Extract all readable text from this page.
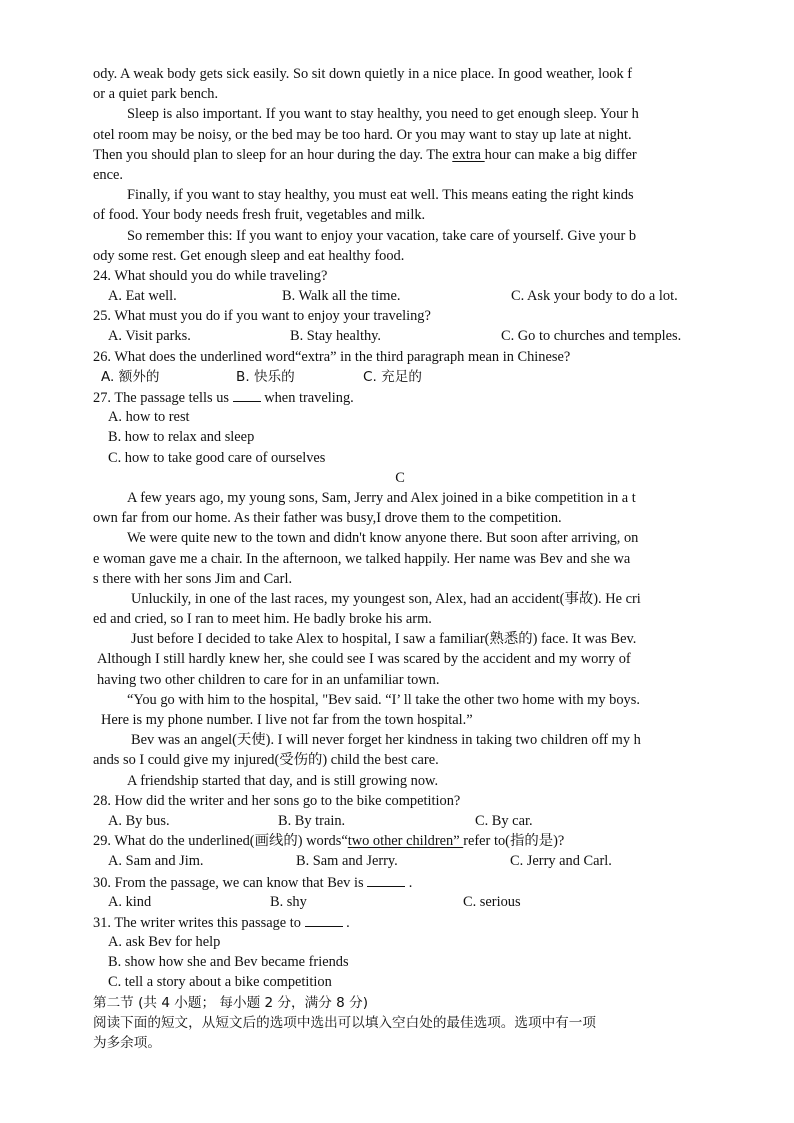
ody. A weak body gets sick easily. So sit down quietly in a nice place. In good weather, look f
or a quiet park bench.
Sleep is also important. If you want to stay healthy, you need to get enough sleep. Your h
otel room may be noisy, or the bed may be too hard. Or you may want to stay up late at night.
Then you should plan to sleep for an hour during the day. The extra hour can make a big differ
ence.
Finally, if you want to stay healthy, you must eat well. This means eating the right kinds
of food. Your body needs fresh fruit, vegetables and milk.
So remember this: If you want to enjoy your vacation, take care of yourself. Give your b
ody some rest. Get enough sleep and eat healthy food.
24. What should you do while traveling?
A. Eat well.	B. Walk all the time.	C. Ask your body to do a lot.
25. What must you do if you want to enjoy your traveling?
A. Visit parks.	B. Stay healthy.	C. Go to churches and temples.
26. What does the underlined word“extra” in the third paragraph mean in Chinese?
A. 额外的	B. 快乐的	C. 充足的
27. The passage tells us  when traveling.
A. how to rest
B. how to relax and sleep
C. how to take good care of ourselves
C
A few years ago, my young sons, Sam, Jerry and Alex joined in a bike competition in a t
own far from our home. As their father was busy,I drove them to the competition.
We were quite new to the town and didn't know anyone there. But soon after arriving, on
e woman gave me a chair. In the afternoon, we talked happily. Her name was Bev and she wa
s there with her sons Jim and Carl.
Unluckily, in one of the last races, my youngest son, Alex, had an accident(事故). He cri
ed and cried, so I ran to meet him. He badly broke his arm.
Just before I decided to take Alex to hospital, I saw a familiar(熟悉的) face. It was Bev.
Although I still hardly knew her, she could see I was scared by the accident and my worry of
having two other children to care for in an unfamiliar town.
“You go with him to the hospital, "Bev said. “I’ ll take the other two home with my boys.
Here is my phone number. I live not far from the town hospital.”
Bev was an angel(天使). I will never forget her kindness in taking two children off my h
ands so I could give my injured(受伤的) child the best care.
A friendship started that day, and is still growing now.
28. How did the writer and her sons go to the bike competition?
A. By bus.	B. By train.	C. By car.
29. What do the underlined(画线的) words“two other children” refer to(指的是)?
A. Sam and Jim.	B. Sam and Jerry.	C. Jerry and Carl.
30. From the passage, we can know that Bev is	.
A. kind	B. shy	C. serious
31. The writer writes this passage to	.
A. ask Bev for help
B. show how she and Bev became friends
C. tell a story about a bike competition
第二节 (共 4 小题； 每小题 2 分，满分 8 分)
阅读下面的短文，从短文后的选项中选出可以填入空白处的最佳选项。选项中有一项
为多余项。
